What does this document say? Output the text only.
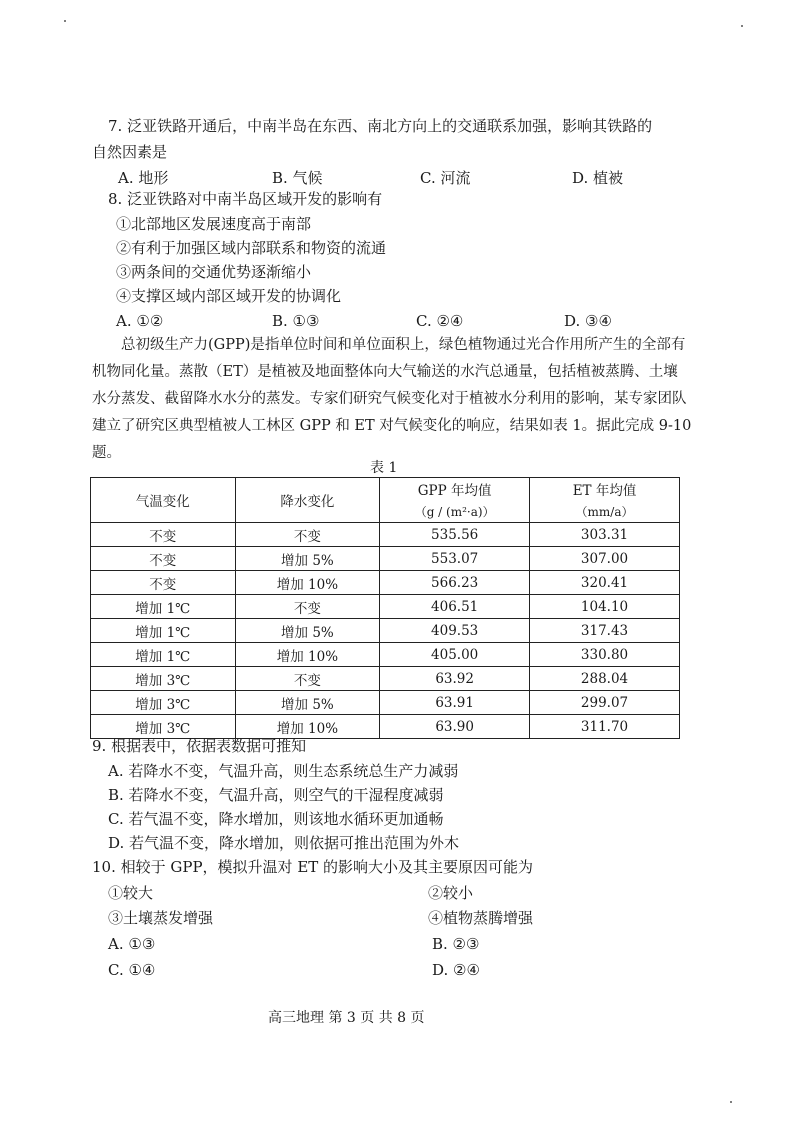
7. 泛亚铁路开通后，中南半岛在东西、南北方向上的交通联系加强，影响其铁路的
自然因素是
A. 地形	B. 气候	C. 河流	D. 植被
8. 泛亚铁路对中南半岛区域开发的影响有
①北部地区发展速度高于南部
②有利于加强区域内部联系和物资的流通
③两条间的交通优势逐渐缩小
④支撑区域内部区域开发的协调化
A. ①②	B. ①③	C. ②④	D. ③④
总初级生产力(GPP)是指单位时间和单位面积上，绿色植物通过光合作用所产生的全部有机物同化量。蒸散（ET）是植被及地面整体向大气输送的水汽总通量，包括植被蒸腾、土壤水分蒸发、截留降水水分的蒸发。专家们研究气候变化对于植被水分利用的影响，某专家团队建立了研究区典型植被人工林区 GPP 和 ET 对气候变化的响应，结果如表 1。据此完成 9-10 题。
表 1
气温变化	降水变化	GPP 年均值	ET 年均值
		（g / (m²·a)）	（mm/a）
不变	不变	535.56	303.31
不变	增加 5%	553.07	307.00
不变	增加 10%	566.23	320.41
增加 1℃	不变	406.51	104.10
增加 1℃	增加 5%	409.53	317.43
增加 1℃	增加 10%	405.00	330.80
增加 3℃	不变	63.92	288.04
增加 3℃	增加 5%	63.91	299.07
增加 3℃	增加 10%	63.90	311.70
9. 根据表中，依据表数据可推知
A. 若降水不变，气温升高，则生态系统总生产力减弱
B. 若降水不变，气温升高，则空气的干湿程度减弱
C. 若气温不变，降水增加，则该地水循环更加通畅
D. 若气温不变，降水增加，则依据可推出范围为外木
10. 相较于 GPP，模拟升温对 ET 的影响大小及其主要原因可能为
①较大	②较小
③土壤蒸发增强	④植物蒸腾增强
A. ①③	B. ②③
C. ①④	D. ②④
高三地理 第 3 页 共 8 页
